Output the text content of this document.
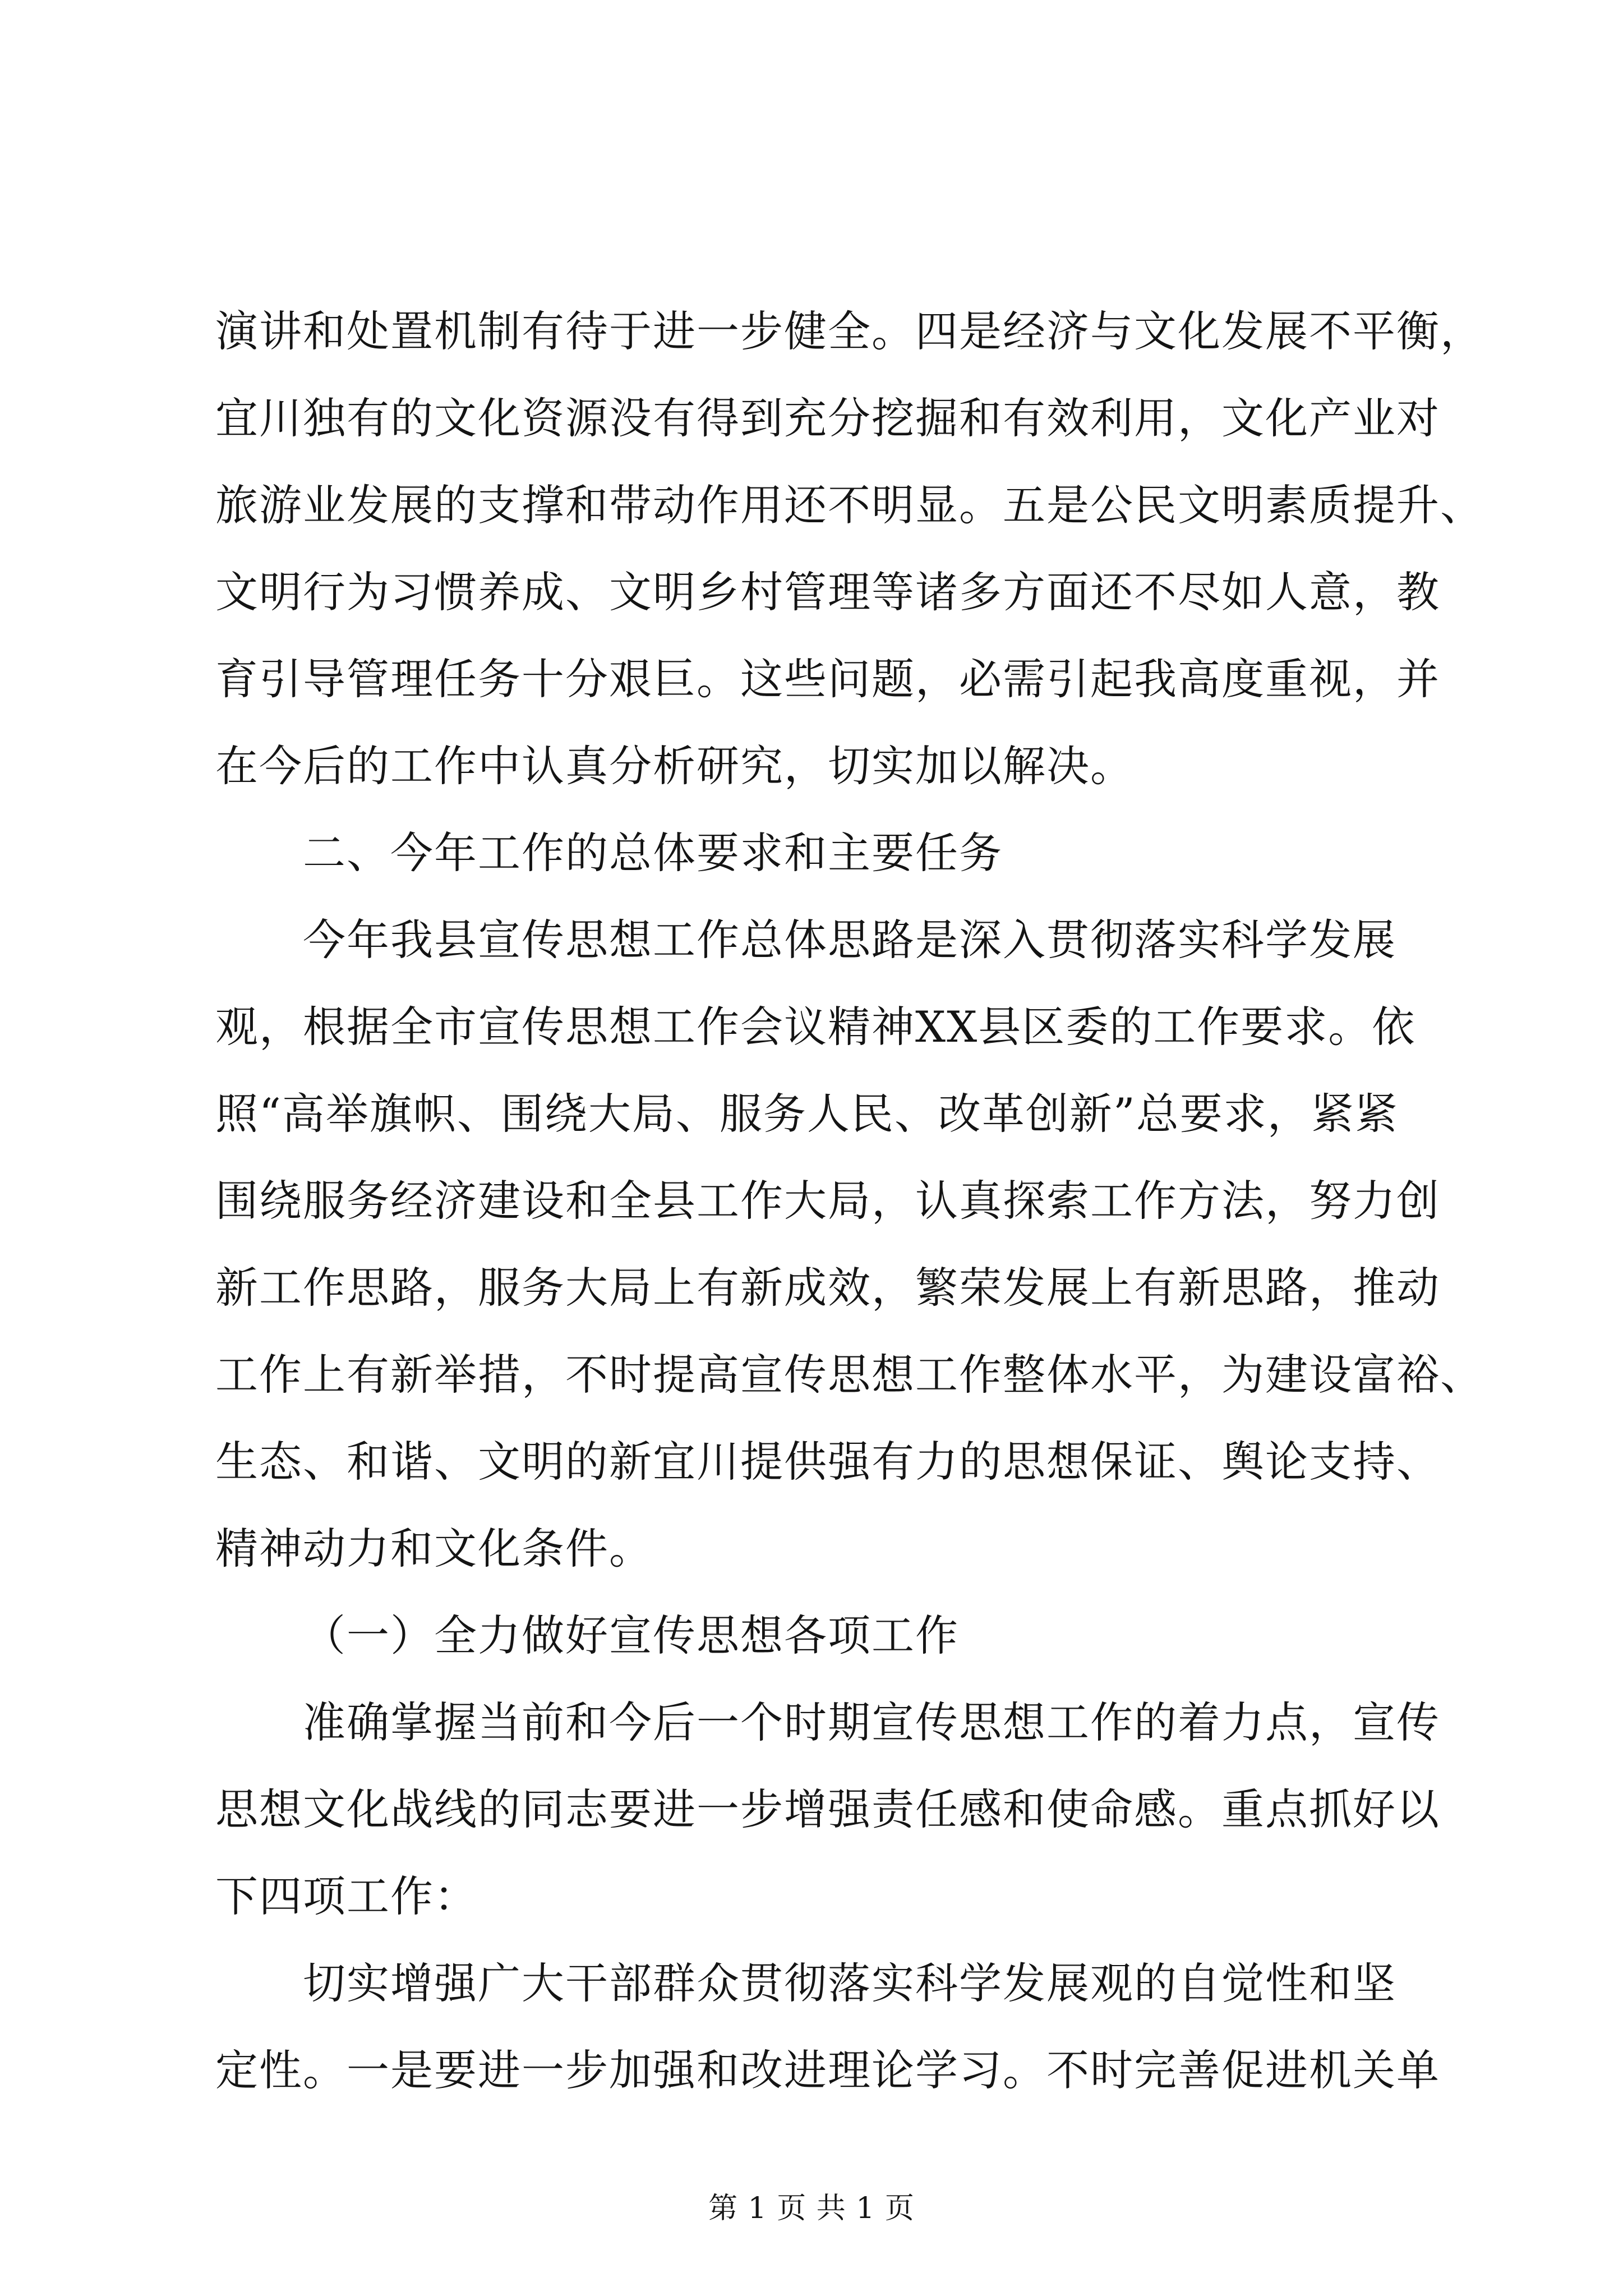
演讲和处置机制有待于进一步健全。四是经济与文化发展不平衡，
宜川独有的文化资源没有得到充分挖掘和有效利用，文化产业对
旅游业发展的支撑和带动作用还不明显。五是公民文明素质提升、
文明行为习惯养成、文明乡村管理等诸多方面还不尽如人意，教
育引导管理任务十分艰巨。这些问题，必需引起我高度重视，并
在今后的工作中认真分析研究，切实加以解决。
二、今年工作的总体要求和主要任务
今年我县宣传思想工作总体思路是深入贯彻落实科学发展
观，根据全市宣传思想工作会议精神XX县区委的工作要求。依
照“高举旗帜、围绕大局、服务人民、改革创新”总要求，紧紧
围绕服务经济建设和全县工作大局，认真探索工作方法，努力创
新工作思路，服务大局上有新成效，繁荣发展上有新思路，推动
工作上有新举措，不时提高宣传思想工作整体水平，为建设富裕、
生态、和谐、文明的新宜川提供强有力的思想保证、舆论支持、
精神动力和文化条件。
（一）全力做好宣传思想各项工作
准确掌握当前和今后一个时期宣传思想工作的着力点，宣传
思想文化战线的同志要进一步增强责任感和使命感。重点抓好以
下四项工作：
切实增强广大干部群众贯彻落实科学发展观的自觉性和坚
定性。一是要进一步加强和改进理论学习。不时完善促进机关单
第 1 页 共 1 页
